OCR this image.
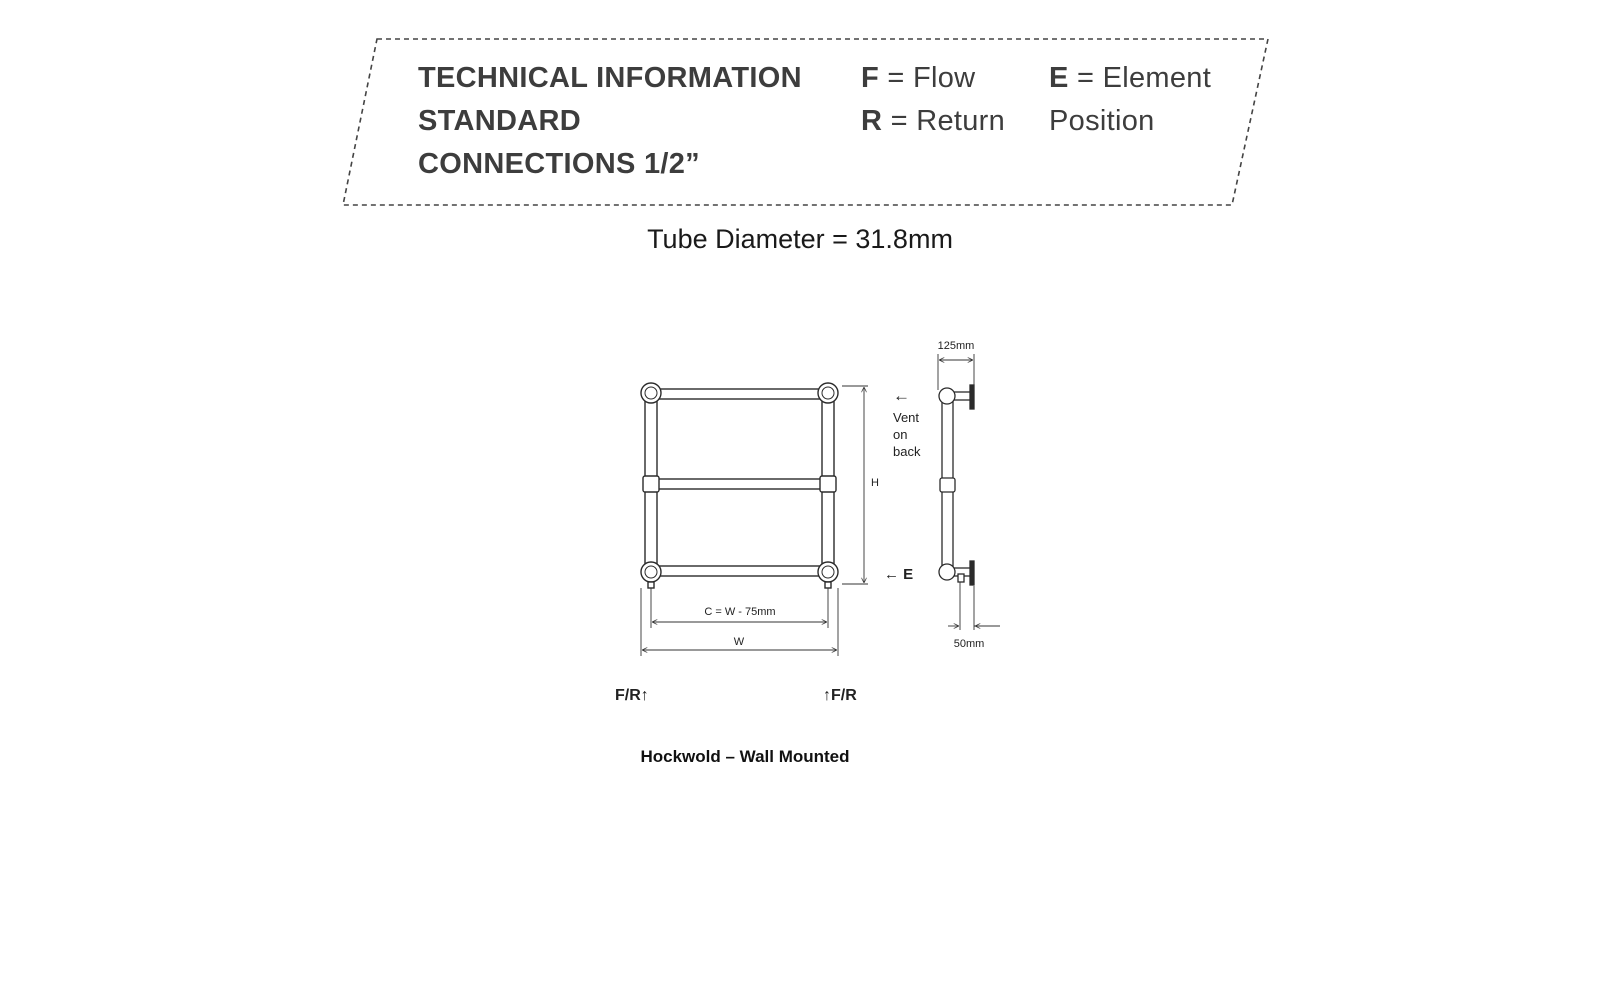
TECHNICAL INFORMATION
STANDARD
CONNECTIONS 1/2”
F = Flow
R = Return
E = Element
Position
Tube Diameter = 31.8mm
H
C = W - 75mm
W
←
Vent
on
back
← E
125mm
50mm
F/R↑	↑F/R
Hockwold – Wall Mounted
